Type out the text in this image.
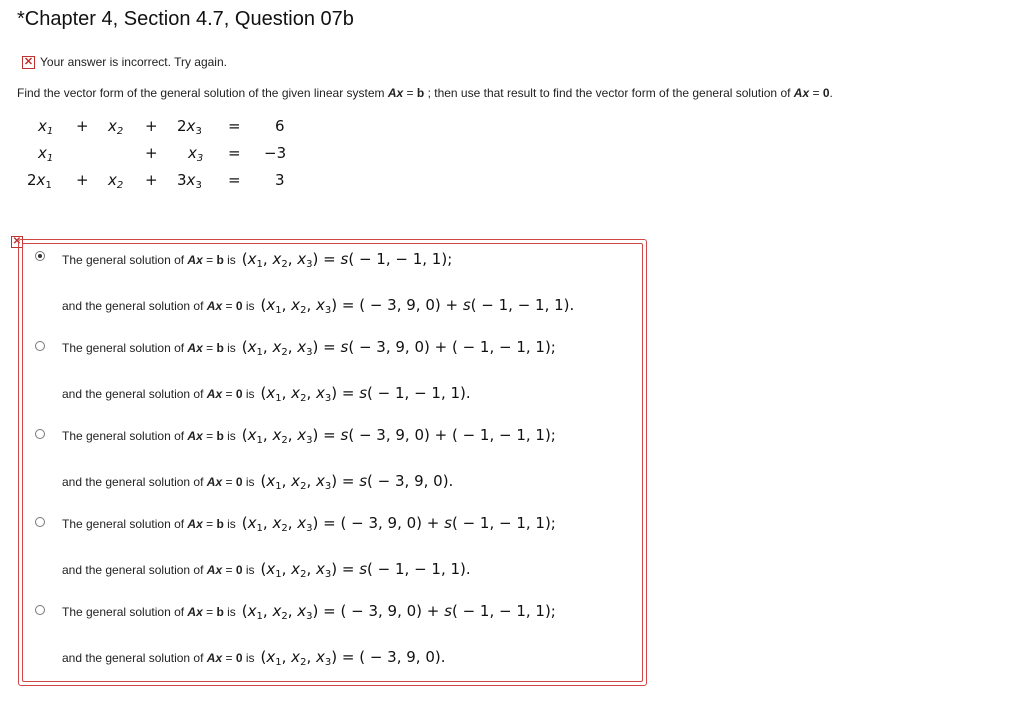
*Chapter 4, Section 4.7, Question 07b
✕ Your answer is incorrect. Try again.
Find the vector form of the general solution of the given linear system Ax = b ; then use that result to find the vector form of the general solution of Ax = 0.
$x_1 + x_2 + 2x_3 = 6$
$x_1$	+ $x_3 = -3$
$2x_1 + x_2 + 3x_3 = 3$
✕
The general solution of Ax = b is ($x_1$, $x_2$, $x_3) = s( - 1$, − 1, 1);
and the general solution of Ax = 0 is ($x_1$, $x_2$, $x_3$) = ( − 3, 9, 0) + s( − 1, − 1, 1).
The general solution of Ax = b is ($x_1$, $x_2$, $x_3) = s( - 3$, 9, 0) + ( − 1, − 1, 1);
and the general solution of Ax = 0 is ($x_1$, $x_2$, $x_3) = s( - 1$, − 1, 1).
The general solution of Ax = b is ($x_1$, $x_2$, $x_3) = s( - 3$, 9, 0) + ( − 1, − 1, 1);
and the general solution of Ax = 0 is ($x_1$, $x_2$, $x_3) = s( - 3$, 9, 0).
The general solution of Ax = b is ($x_1$, $x_2$, $x_3$) = ( − 3, 9, 0) + s( − 1, − 1, 1);
and the general solution of Ax = 0 is ($x_1$, $x_2$, $x_3) = s( - 1$, − 1, 1).
The general solution of Ax = b is ($x_1$, $x_2$, $x_3$) = ( − 3, 9, 0) + s( − 1, − 1, 1);
and the general solution of Ax = 0 is ($x_1$, $x_2$, $x_3$) = ( − 3, 9, 0).
